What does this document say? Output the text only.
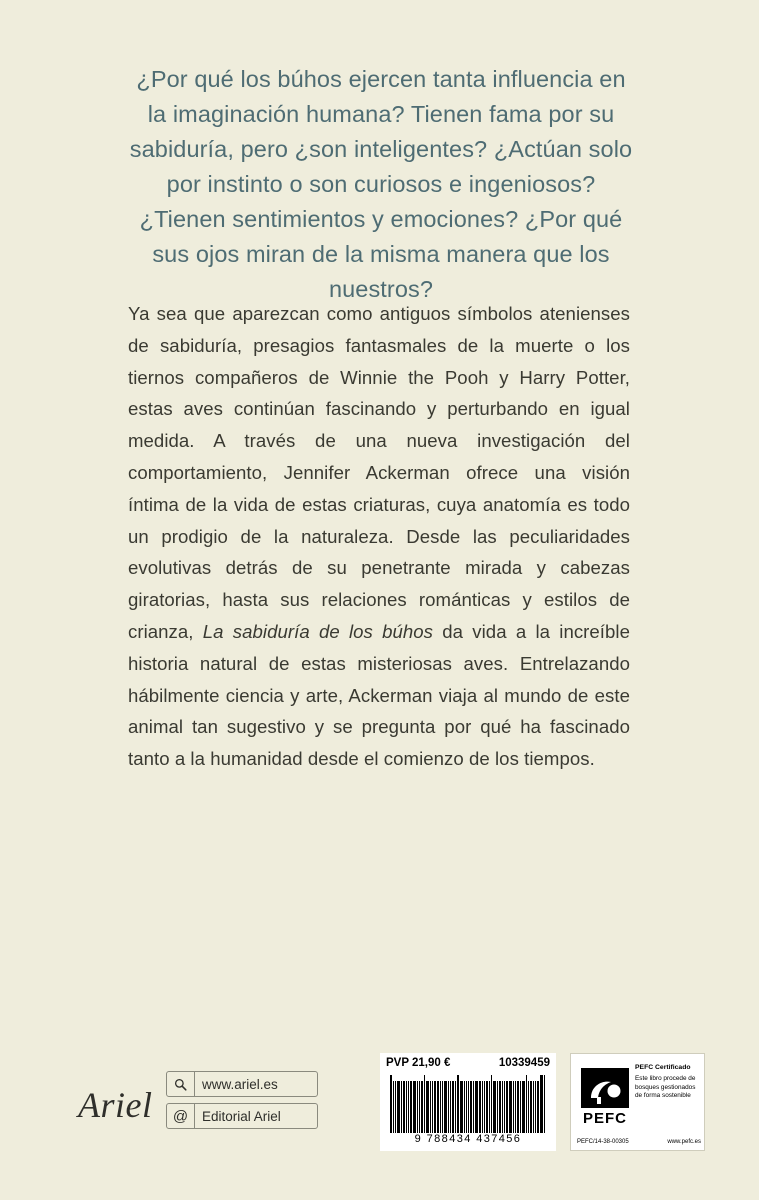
¿Por qué los búhos ejercen tanta influencia en la imaginación humana? Tienen fama por su sabiduría, pero ¿son inteligentes? ¿Actúan solo por instinto o son curiosos e ingeniosos? ¿Tienen sentimientos y emociones? ¿Por qué sus ojos miran de la misma manera que los nuestros?

Ya sea que aparezcan como antiguos símbolos atenienses de sabiduría, presagios fantasmales de la muerte o los tiernos compañeros de Winnie the Pooh y Harry Potter, estas aves continúan fascinando y perturbando en igual medida. A través de una nueva investigación del comportamiento, Jennifer Ackerman ofrece una visión íntima de la vida de estas criaturas, cuya anatomía es todo un prodigio de la naturaleza. Desde las peculiaridades evolutivas detrás de su penetrante mirada y cabezas giratorias, hasta sus relaciones románticas y estilos de crianza, La sabiduría de los búhos da vida a la increíble historia natural de estas misteriosas aves. Entrelazando hábilmente ciencia y arte, Ackerman viaja al mundo de este animal tan sugestivo y se pregunta por qué ha fascinado tanto a la humanidad desde el comienzo de los tiempos.

Ariel
www.ariel.es
@	Editorial Ariel
PVP 21,90 €	10339459
9 788434 437456
PEFC
PEFC Certificado
Este libro procede de bosques gestionados de forma sostenible
PEFC/14-38-00305	www.pefc.es
